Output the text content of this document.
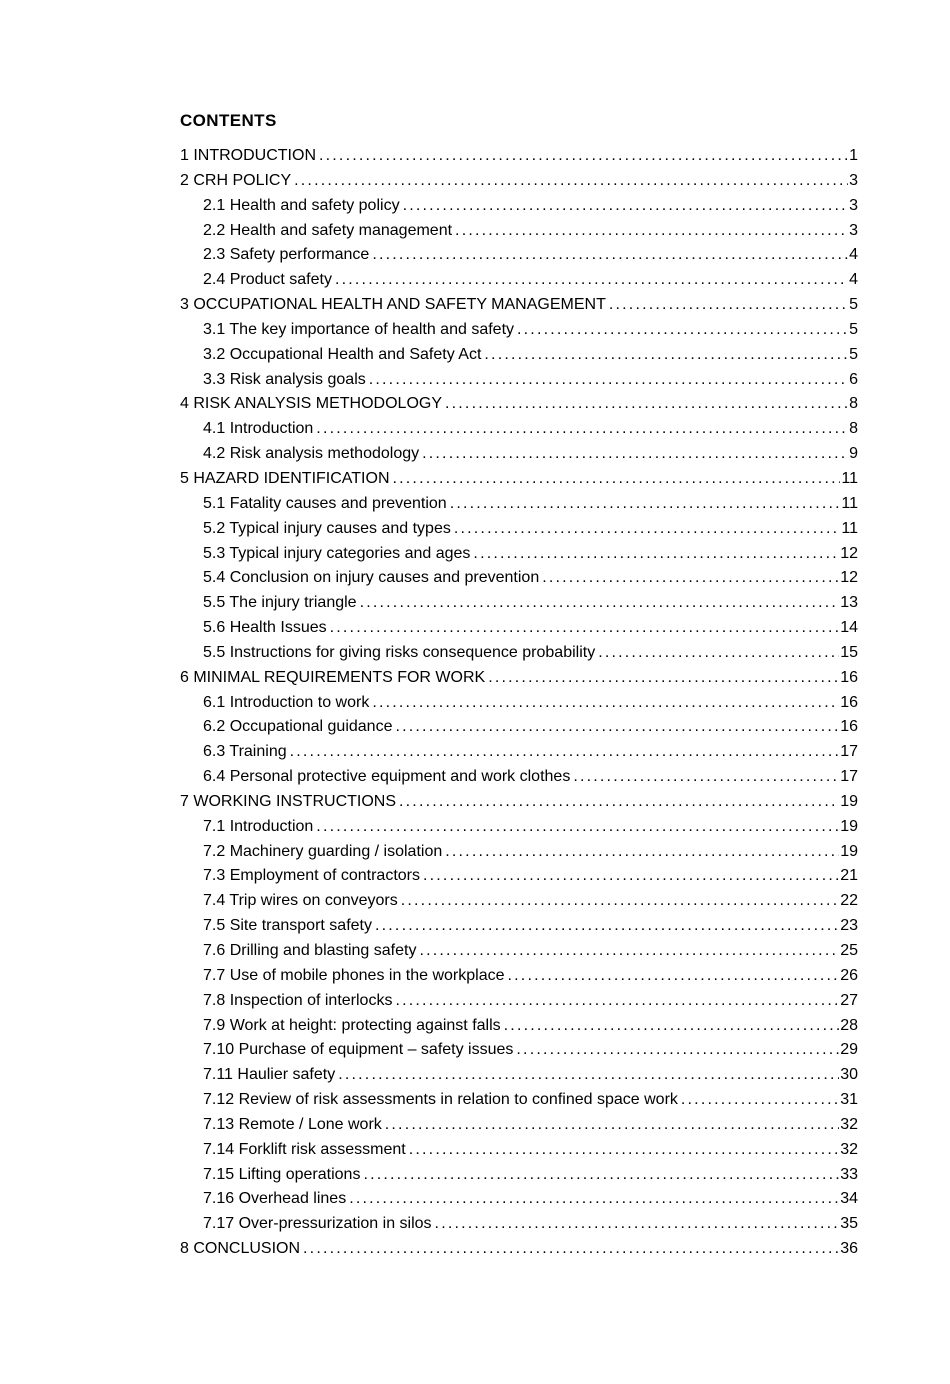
CONTENTS
1 INTRODUCTION .....	1
2 CRH POLICY .....	3
2.1 Health and safety policy .....	3
2.2 Health and safety management .....	3
2.3 Safety performance .....	4
2.4 Product safety .....	4
3 OCCUPATIONAL HEALTH AND SAFETY MANAGEMENT .....	5
3.1 The key importance of health and safety .....	5
3.2 Occupational Health and Safety Act .....	5
3.3 Risk analysis goals .....	6
4 RISK ANALYSIS METHODOLOGY .....	8
4.1 Introduction .....	8
4.2 Risk analysis methodology .....	9
5 HAZARD IDENTIFICATION .....	11
5.1 Fatality causes and prevention .....	11
5.2 Typical injury causes and types .....	11
5.3 Typical injury categories and ages .....	12
5.4 Conclusion on injury causes and prevention .....	12
5.5 The injury triangle .....	13
5.6 Health Issues .....	14
5.5 Instructions for giving risks consequence probability .....	15
6 MINIMAL REQUIREMENTS FOR WORK .....	16
6.1 Introduction to work .....	16
6.2 Occupational guidance .....	16
6.3 Training .....	17
6.4 Personal protective equipment and work clothes .....	17
7 WORKING INSTRUCTIONS .....	19
7.1 Introduction .....	19
7.2 Machinery guarding / isolation .....	19
7.3 Employment of contractors .....	21
7.4 Trip wires on conveyors .....	22
7.5 Site transport safety .....	23
7.6 Drilling and blasting safety .....	25
7.7 Use of mobile phones in the workplace .....	26
7.8 Inspection of interlocks .....	27
7.9 Work at height: protecting against falls .....	28
7.10 Purchase of equipment – safety issues .....	29
7.11 Haulier safety .....	30
7.12 Review of risk assessments in relation to confined space work .....	31
7.13 Remote / Lone work .....	32
7.14 Forklift risk assessment .....	32
7.15 Lifting operations .....	33
7.16 Overhead lines .....	34
7.17 Over-pressurization in silos .....	35
8 CONCLUSION .....	36
